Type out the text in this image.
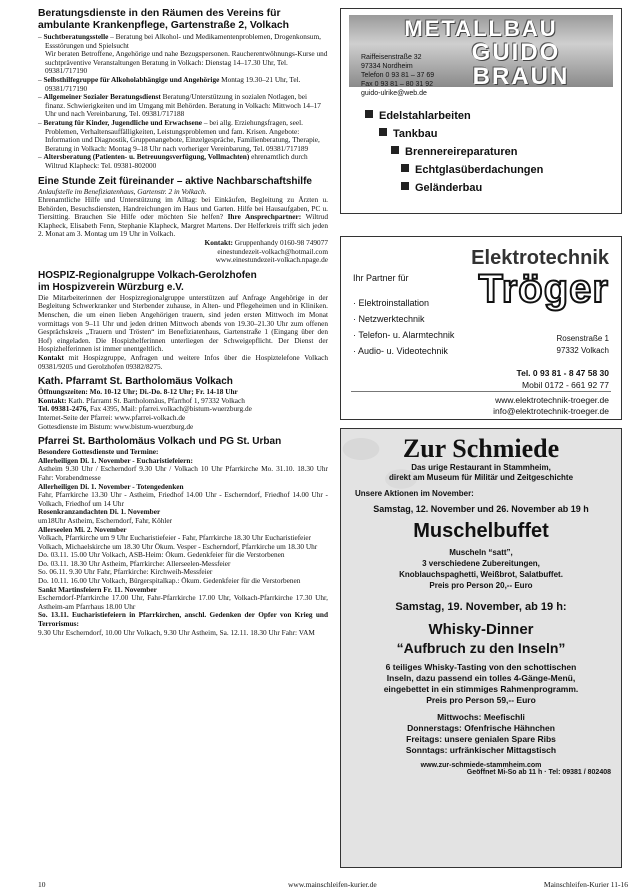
Beratungsdienste in den Räumen des Vereins für

ambulante Krankenpflege, Gartenstraße 2, Volkach

– Suchtberatungsstelle – Beratung bei Alkohol- und Medikamentenproblemen, Drogenkonsum, Essstörungen und Spielsucht
Wir beraten Betroffene, Angehörige und nahe Bezugspersonen. Raucherentwöhnungs-Kurse und suchtpräventive Veranstaltungen Beratung in Volkach: Dienstag 14–17.30 Uhr, Tel. 09381/717190
– Selbsthilfegruppe für Alkoholabhängige und Angehörige Montag 19.30–21 Uhr, Tel. 09381/717190
– Allgemeiner Sozialer Beratungsdienst Beratung/Unterstützung in sozialen Notlagen, bei finanz. Schwierigkeiten und im Umgang mit Behörden. Beratung in Volkach: Mittwoch 14–17 Uhr und nach Vereinbarung, Tel. 09381/717188
– Beratung für Kinder, Jugendliche und Erwachsene – bei allg. Erziehungsfragen, seel. Problemen, Verhaltensauffälligkeiten, Leistungsproblemen und fam. Krisen. Angebote: Information und Diagnostik, Gruppenangebote, Einzelgespräche, Familienberatung, Therapie, Beratung in Volkach: Montag 9–18 Uhr nach vorheriger Vereinbarung, Tel. 09381/717189
– Altersberatung (Patienten- u. Betreuungsverfügung, Vollmachten) ehrenamtlich durch Wiltrud Klapheck: Tel. 09381-802000

Eine Stunde Zeit füreinander – aktive Nachbarschaftshilfe

Anlaufstelle im Benefiziatenhaus, Gartenstr. 2 in Volkach.

Ehrenamtliche Hilfe und Unterstützung im Alltag: bei Einkäufen, Begleitung zu Ärzten u. Behörden, Besuchsdiensten, Handreichungen im Haus und Garten. Hilfe bei Hausaufgaben, PC u. Tiersitting. Brauchen Sie Hilfe oder möchten Sie helfen? Ihre Ansprechpartner: Wiltrud Klapheck, Elisabeth Fenn, Stephanie Klapheck, Margret Martens. Der Helferkreis trifft sich jeden 2. Monat am 3. Montag um 19 Uhr in Volkach.

Kontakt: Gruppenhandy 0160-98 749077

einestundezeit-volkach@hotmail.com

www.einestundezeit-volkach.npage.de

HOSPIZ-Regionalgruppe Volkach-Gerolzhofen

im Hospizverein Würzburg e.V.

Die Mitarbeiterinnen der Hospizregionalgruppe unterstützen auf Anfrage Angehörige in der Begleitung Schwerkranker und Sterbender zuhause, in Alten- und Pflegeheimen und in Kliniken. Menschen, die um einen lieben Angehörigen trauern, sind jeden ersten Mittwoch im Monat vormittags von 9–11 Uhr und jeden dritten Mittwoch abends von 19.30–21.30 Uhr zum offenen Gesprächskreis „Trauern und Trösten“ im Benefiziatenhaus, Gartenstraße 1 (Eingang über den Hof) eingeladen. Die Hospizhelferinnen unterliegen der Schweigepflicht. Der Dienst der Hospizhelferinnen ist immer unentgeltlich.

Kontakt mit Hospizgruppe, Anfragen und weitere Infos über die Hospiztelefone Volkach 09381/9205 und Gerolzhofen 09382/8275.

Kath. Pfarramt St. Bartholomäus Volkach

Öffnungszeiten: Mo. 10-12 Uhr; Di.-Do. 8-12 Uhr; Fr. 14-18 Uhr

Kontakt: Kath. Pfarramt St. Bartholomäus, Pfarrhof 1, 97332 Volkach

Tel. 09381-2476, Fax 4395, Mail: pfarrei.volkach@bistum-wuerzburg.de

Internet-Seite der Pfarrei: www.pfarrei-volkach.de

Gottesdienste im Bistum: www.bistum-wuerzburg.de

Pfarrei St. Bartholomäus Volkach und PG St. Urban

Besondere Gottesdienste und Termine:

Allerheiligen Di. 1. November - Eucharistiefeiern:

Astheim 9.30 Uhr / Escherndorf 9.30 Uhr / Volkach 10 Uhr Pfarrkirche Mo. 31.10. 18.30 Uhr Fahr: Vorabendmesse

Allerheiligen Di. 1. November - Totengedenken

Fahr, Pfarrkirche 13.30 Uhr - Astheim, Friedhof 14.00 Uhr - Escherndorf, Friedhof 14.00 Uhr - Volkach, Friedhof um 14 Uhr

Rosenkranzandachten Di. 1. November

um18Uhr Astheim, Escherndorf, Fahr, Köhler

Allerseelen Mi. 2. November

Volkach, Pfarrkirche um 9 Uhr Eucharistiefeier - Fahr, Pfarrkirche 18.30 Uhr Eucharistiefeier

Volkach, Michaelskirche um 18.30 Uhr Ökum. Vesper - Escherndorf, Pfarrkirche um 18.30 Uhr

Do. 03.11. 15.00 Uhr Volkach, ASB-Heim: Ökum. Gedenkfeier für die Verstorbenen

Do. 03.11. 18.30 Uhr Astheim, Pfarrkirche: Allerseelen-Messfeier

So. 06.11. 9.30 Uhr Fahr, Pfarrkirche: Kirchweih-Messfeier

Do. 10.11. 16.00 Uhr Volkach, Bürgerspitalkap.: Ökum. Gedenkfeier für die Verstorbenen

Sankt Martinsfeiern Fr. 11. November

Escherndorf-Pfarrkirche 17.00 Uhr, Fahr-Pfarrkirche 17.00 Uhr, Volkach-Pfarrkirche 17.30 Uhr, Astheim-am Pfarrhaus 18.00 Uhr

So. 13.11. Eucharistiefeiern in Pfarrkirchen, anschl. Gedenken der Opfer von Krieg und Terrorismus:

9.30 Uhr Escherndorf, 10.00 Uhr Volkach, 9.30 Uhr Astheim, Sa. 12.11. 18.30 Uhr Fahr: VAM

METALLBAU
GUIDO
BRAUN
Raiffeisenstraße 32
97334 Nordheim
Telefon 0 93 81 – 37 69
Fax 0 93 81 – 80 31 92
guido-ulrike@web.de
Edelstahlarbeiten
Tankbau
Brennereireparaturen
Echtglasüberdachungen
Geländerbau
Elektrotechnik
Tröger
Ihr Partner für
· Elektroinstallation
· Netzwerktechnik
· Telefon- u. Alarmtechnik
· Audio- u. Videotechnik
Rosenstraße 1
97332 Volkach
Tel. 0 93 81 - 8 47 58 30
Mobil 0172 - 661 92 77
www.elektrotechnik-troeger.de
info@elektrotechnik-troeger.de
Zur Schmiede
Das urige Restaurant in Stammheim,
direkt am Museum für Militär und Zeitgeschichte
Unsere Aktionen im November:
Samstag, 12. November und 26. November ab 19 h
Muschelbuffet
Muscheln “satt”,
3 verschiedene Zubereitungen,
Knoblauchspaghetti, Weißbrot, Salatbuffet.
Preis pro Person 20,-- Euro
Samstag, 19. November, ab 19 h:
Whisky-Dinner
“Aufbruch zu den Inseln”
6 teiliges Whisky-Tasting von den schottischen
Inseln, dazu passend ein tolles 4-Gänge-Menü,
eingebettet in ein stimmiges Rahmenprogramm.
Preis pro Person 59,-- Euro
Mittwochs: Meefischli
Donnerstags: Ofenfrische Hähnchen
Freitags: unsere genialen Spare Ribs
Sonntags: urfränkischer Mittagstisch
www.zur-schmiede-stammheim.com
Geöffnet Mi-So ab 11 h · Tel: 09381 / 802408
10	www.mainschleifen-kurier.de	Mainschleifen-Kurier 11-16
